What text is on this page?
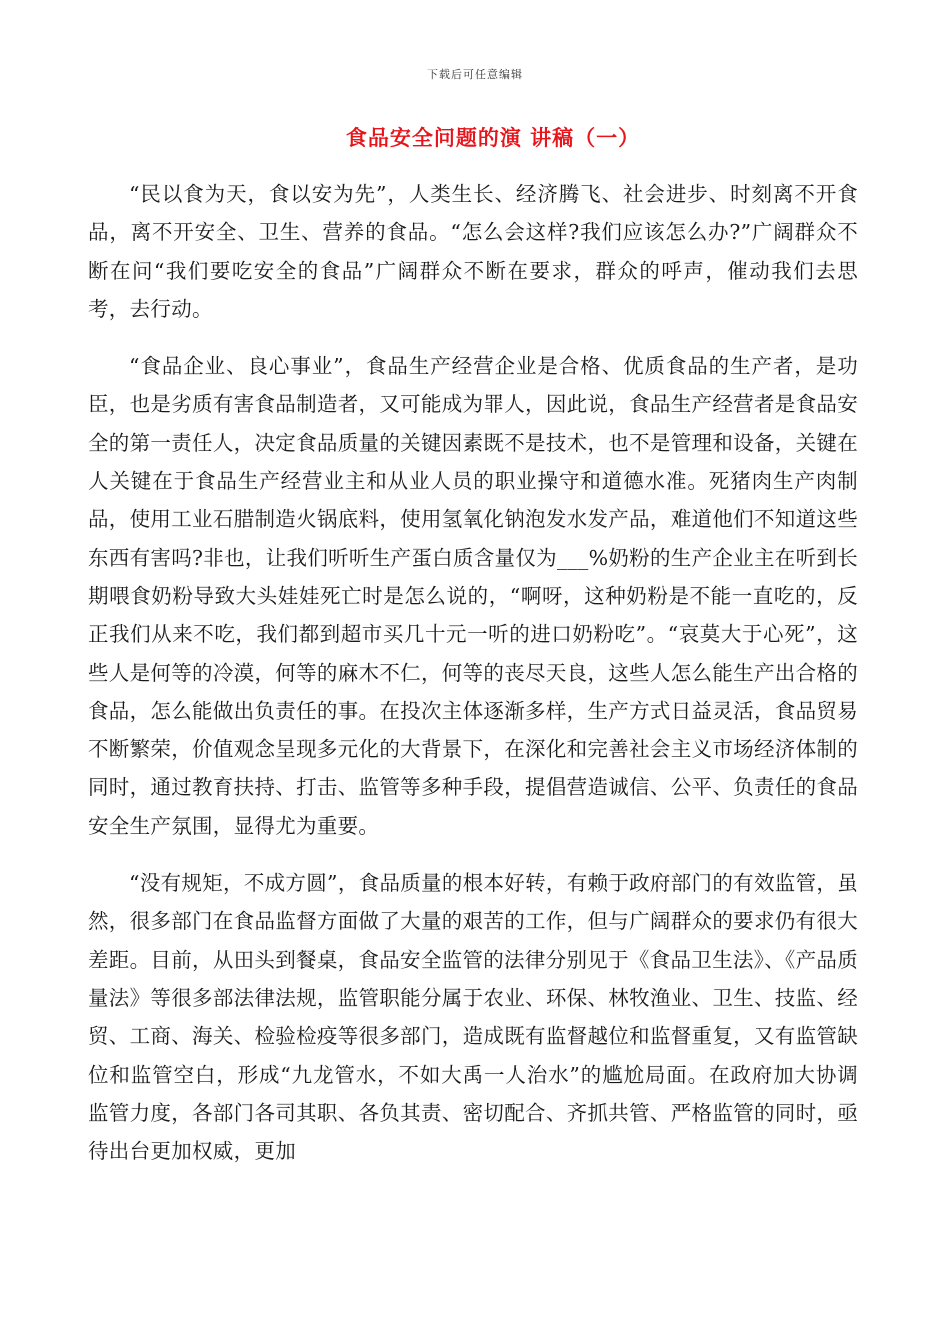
下载后可任意编辑
食品安全问题的演 讲稿（一）

“民以食为天，食以安为先”，人类生长、经济腾飞、社会进步、时刻离不开食品，离不开安全、卫生、营养的食品。“怎么会这样?我们应该怎么办?”广阔群众不断在问“我们要吃安全的食品”广阔群众不断在要求，群众的呼声，催动我们去思考，去行动。

“食品企业、良心事业”，食品生产经营企业是合格、优质食品的生产者，是功臣，也是劣质有害食品制造者，又可能成为罪人，因此说，食品生产经营者是食品安全的第一责任人，决定食品质量的关键因素既不是技术，也不是管理和设备，关键在人关键在于食品生产经营业主和从业人员的职业操守和道德水准。死猪肉生产肉制品，使用工业石腊制造火锅底料，使用氢氧化钠泡发水发产品，难道他们不知道这些东西有害吗?非也，让我们听听生产蛋白质含量仅为___%奶粉的生产企业主在听到长期喂食奶粉导致大头娃娃死亡时是怎么说的，“啊呀，这种奶粉是不能一直吃的，反正我们从来不吃，我们都到超市买几十元一听的进口奶粉吃”。“哀莫大于心死”，这些人是何等的冷漠，何等的麻木不仁，何等的丧尽天良，这些人怎么能生产出合格的食品，怎么能做出负责任的事。在投次主体逐渐多样，生产方式日益灵活，食品贸易不断繁荣，价值观念呈现多元化的大背景下，在深化和完善社会主义市场经济体制的同时，通过教育扶持、打击、监管等多种手段，提倡营造诚信、公平、负责任的食品安全生产氛围，显得尤为重要。

“没有规矩，不成方圆”，食品质量的根本好转，有赖于政府部门的有效监管，虽然，很多部门在食品监督方面做了大量的艰苦的工作，但与广阔群众的要求仍有很大差距。目前，从田头到餐桌，食品安全监管的法律分别见于《食品卫生法》、《产品质量法》等很多部法律法规，监管职能分属于农业、环保、林牧渔业、卫生、技监、经贸、工商、海关、检验检疫等很多部门，造成既有监督越位和监督重复，又有监管缺位和监管空白，形成“九龙管水，不如大禹一人治水”的尴尬局面。在政府加大协调监管力度，各部门各司其职、各负其责、密切配合、齐抓共管、严格监管的同时，亟待出台更加权威，更加
